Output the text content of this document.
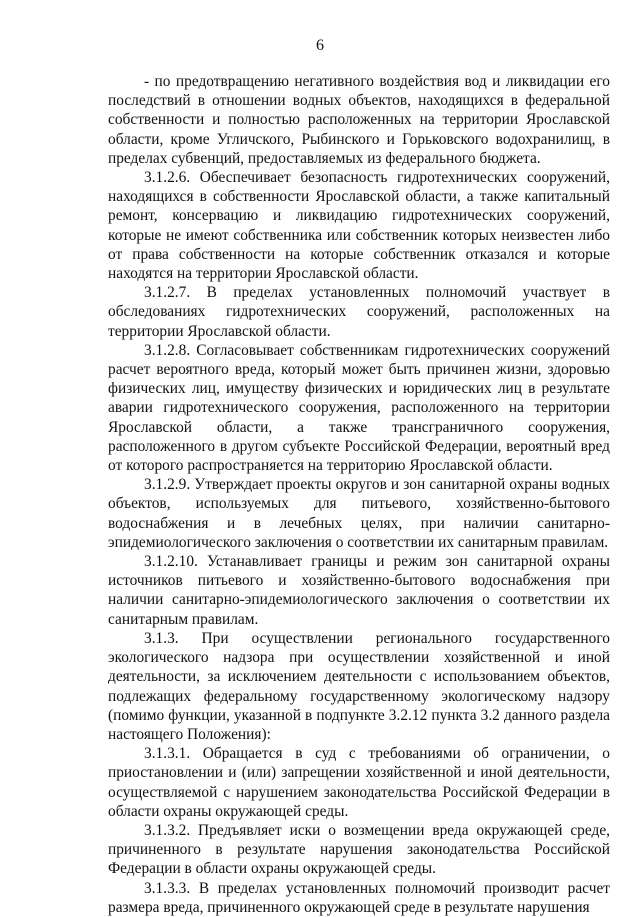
6

- по предотвращению негативного воздействия вод и ликвидации его последствий в отношении водных объектов, находящихся в федеральной собственности и полностью расположенных на территории Ярославской области, кроме Угличского, Рыбинского и Горьковского водохранилищ, в пределах субвенций, предоставляемых из федерального бюджета.

3.1.2.6. Обеспечивает безопасность гидротехнических сооружений, находящихся в собственности Ярославской области, а также капитальный ремонт, консервацию и ликвидацию гидротехнических сооружений, которые не имеют собственника или собственник которых неизвестен либо от права собственности на которые собственник отказался и которые находятся на территории Ярославской области.

3.1.2.7. В пределах установленных полномочий участвует в обследованиях гидротехнических сооружений, расположенных на территории Ярославской области.

3.1.2.8. Согласовывает собственникам гидротехнических сооружений расчет вероятного вреда, который может быть причинен жизни, здоровью физических лиц, имуществу физических и юридических лиц в результате аварии гидротехнического сооружения, расположенного на территории Ярославской области, а также трансграничного сооружения, расположенного в другом субъекте Российской Федерации, вероятный вред от которого распространяется на территорию Ярославской области.

3.1.2.9. Утверждает проекты округов и зон санитарной охраны водных объектов, используемых для питьевого, хозяйственно-бытового водоснабжения и в лечебных целях, при наличии санитарно-эпидемиологического заключения о соответствии их санитарным правилам.

3.1.2.10. Устанавливает границы и режим зон санитарной охраны источников питьевого и хозяйственно-бытового водоснабжения при наличии санитарно-эпидемиологического заключения о соответствии их санитарным правилам.

3.1.3. При осуществлении регионального государственного экологического надзора при осуществлении хозяйственной и иной деятельности, за исключением деятельности с использованием объектов, подлежащих федеральному государственному экологическому надзору (помимо функции, указанной в подпункте 3.2.12 пункта 3.2 данного раздела настоящего Положения):

3.1.3.1. Обращается в суд с требованиями об ограничении, о приостановлении и (или) запрещении хозяйственной и иной деятельности, осуществляемой с нарушением законодательства Российской Федерации в области охраны окружающей среды.

3.1.3.2. Предъявляет иски о возмещении вреда окружающей среде, причиненного в результате нарушения законодательства Российской Федерации в области охраны окружающей среды.

3.1.3.3. В пределах установленных полномочий производит расчет размера вреда, причиненного окружающей среде в результате нарушения
